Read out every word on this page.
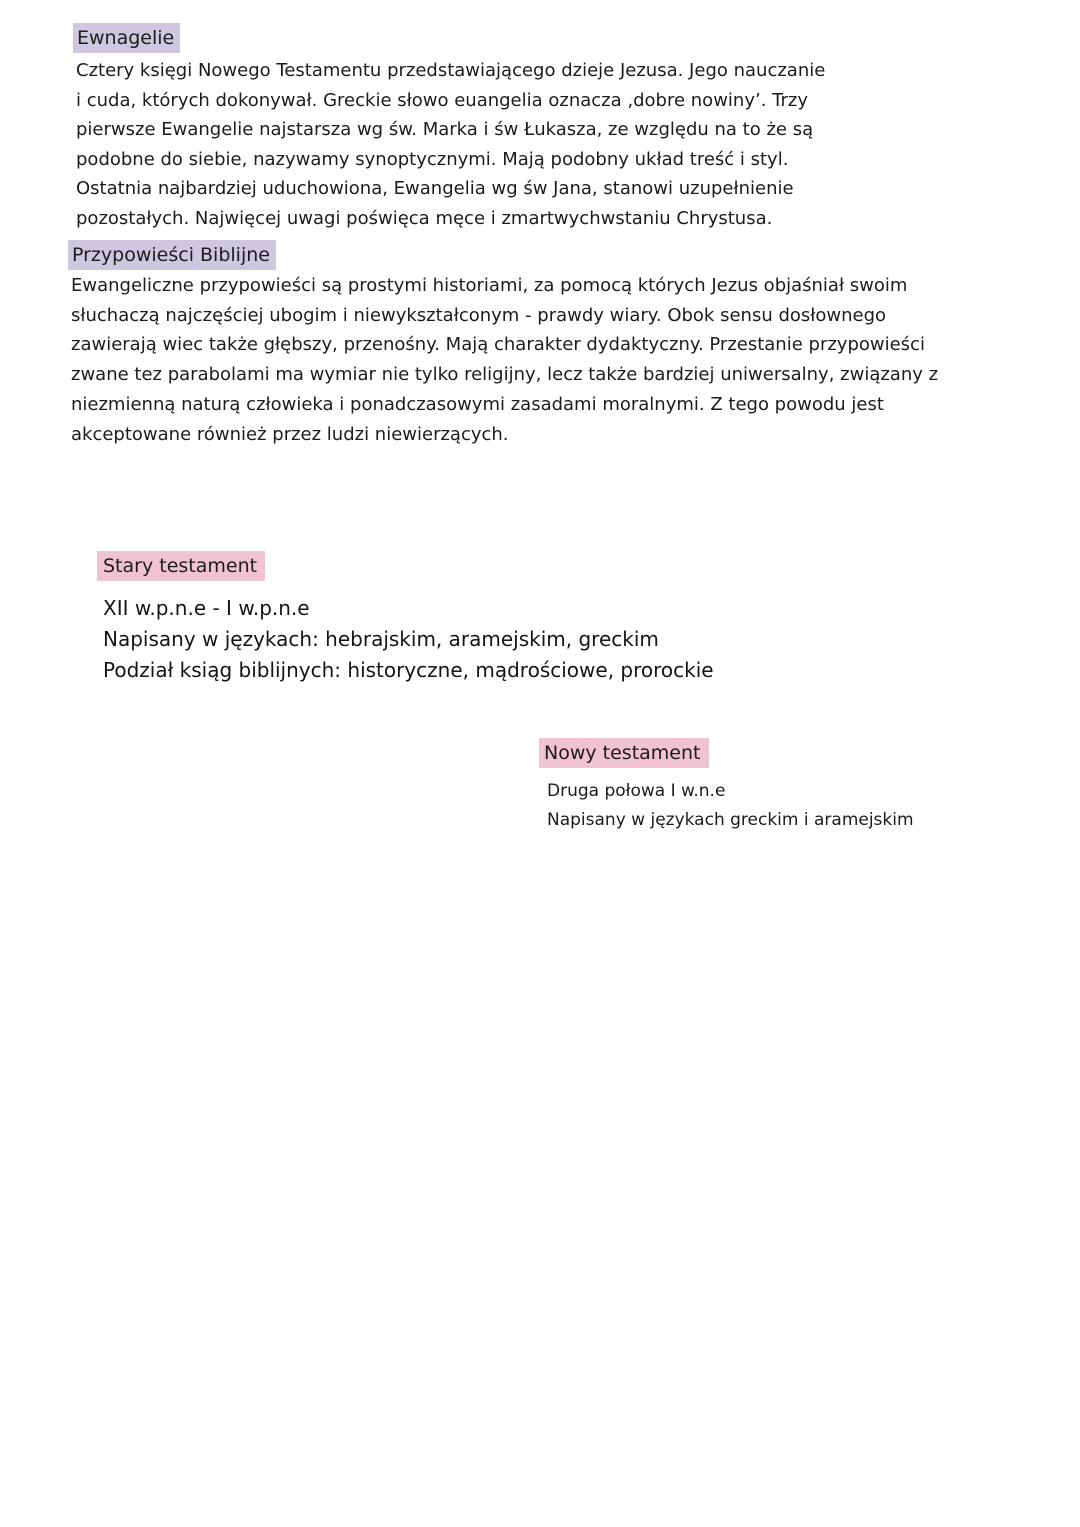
Ewnagelie
Cztery księgi Nowego Testamentu przedstawiającego dzieje Jezusa. Jego nauczanie
i cuda, których dokonywał. Greckie słowo euangelia oznacza ‚dobre nowiny’. Trzy
pierwsze Ewangelie najstarsza wg św. Marka i św Łukasza, ze względu na to że są
podobne do siebie, nazywamy synoptycznymi. Mają podobny układ treść i styl.
Ostatnia najbardziej uduchowiona, Ewangelia wg św Jana, stanowi uzupełnienie
pozostałych. Najwięcej uwagi poświęca męce i zmartwychwstaniu Chrystusa.
Przypowieści Biblijne
Ewangeliczne przypowieści są prostymi historiami, za pomocą których Jezus objaśniał swoim
słuchaczą najczęściej ubogim i niewykształconym - prawdy wiary. Obok sensu dosłownego
zawierają wiec także głębszy, przenośny. Mają charakter dydaktyczny. Przestanie przypowieści
zwane tez parabolami ma wymiar nie tylko religijny, lecz także bardziej uniwersalny, związany z
niezmienną naturą człowieka i ponadczasowymi zasadami moralnymi. Z tego powodu jest
akceptowane również przez ludzi niewierzących.
Stary testament
XII w.p.n.e - I w.p.n.e
Napisany w językach: hebrajskim, aramejskim, greckim
Podział ksiąg biblijnych: historyczne, mądrościowe, prorockie
Nowy testament
Druga połowa I w.n.e
Napisany w językach greckim i aramejskim
